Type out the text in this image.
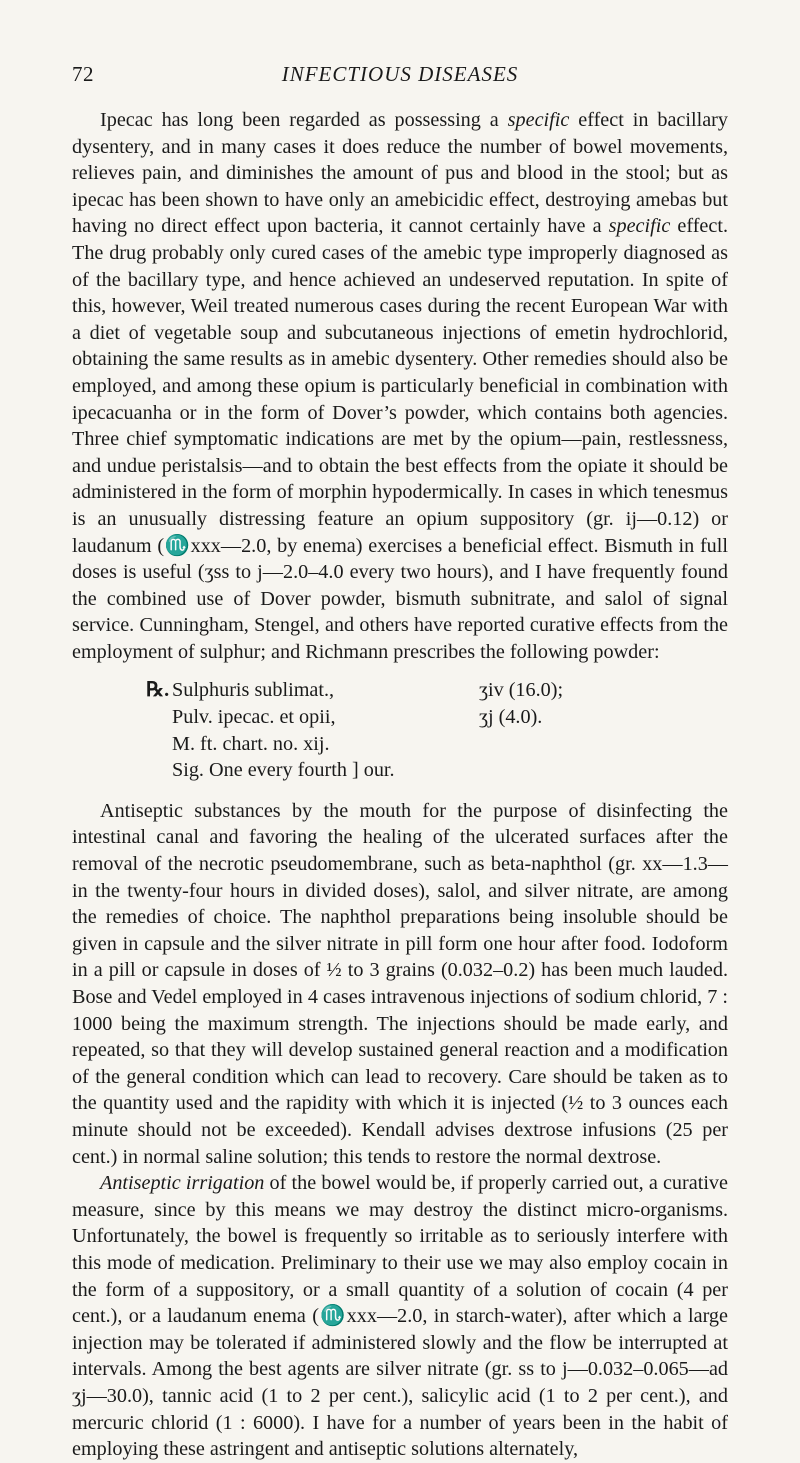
72	INFECTIOUS DISEASES

Ipecac has long been regarded as possessing a specific effect in bacillary dysentery, and in many cases it does reduce the number of bowel movements, relieves pain, and diminishes the amount of pus and blood in the stool; but as ipecac has been shown to have only an amebicidic effect, destroying amebas but having no direct effect upon bacteria, it cannot certainly have a specific effect. The drug probably only cured cases of the amebic type improperly diagnosed as of the bacillary type, and hence achieved an undeserved reputation. In spite of this, however, Weil treated numerous cases during the recent European War with a diet of vegetable soup and subcutaneous injections of emetin hydrochlorid, obtaining the same results as in amebic dysentery. Other remedies should also be employed, and among these opium is particularly beneficial in combination with ipecacuanha or in the form of Dover’s powder, which contains both agencies. Three chief symptomatic indications are met by the opium—pain, restlessness, and undue peristalsis—and to obtain the best effects from the opiate it should be administered in the form of morphin hypodermically. In cases in which tenesmus is an unusually distressing feature an opium suppository (gr. ij—0.12) or laudanum (♏xxx—2.0, by enema) exercises a beneficial effect. Bismuth in full doses is useful (ʒss to j—2.0–4.0 every two hours), and I have frequently found the combined use of Dover powder, bismuth subnitrate, and salol of signal service. Cunningham, Stengel, and others have reported curative effects from the employment of sulphur; and Richmann prescribes the following powder:

℞. Sulphuris sublimat.,	ʒiv (16.0);
Pulv. ipecac. et opii,	ʒj (4.0).
M. ft. chart. no. xij.
Sig. One every fourth ] our.

Antiseptic substances by the mouth for the purpose of disinfecting the intestinal canal and favoring the healing of the ulcerated surfaces after the removal of the necrotic pseudomembrane, such as beta-naphthol (gr. xx—1.3—in the twenty-four hours in divided doses), salol, and silver nitrate, are among the remedies of choice. The naphthol preparations being insoluble should be given in capsule and the silver nitrate in pill form one hour after food. Iodoform in a pill or capsule in doses of ½ to 3 grains (0.032–0.2) has been much lauded. Bose and Vedel employed in 4 cases intravenous injections of sodium chlorid, 7 : 1000 being the maximum strength. The injections should be made early, and repeated, so that they will develop sustained general reaction and a modification of the general condition which can lead to recovery. Care should be taken as to the quantity used and the rapidity with which it is injected (½ to 3 ounces each minute should not be exceeded). Kendall advises dextrose infusions (25 per cent.) in normal saline solution; this tends to restore the normal dextrose.

Antiseptic irrigation of the bowel would be, if properly carried out, a curative measure, since by this means we may destroy the distinct micro-organisms. Unfortunately, the bowel is frequently so irritable as to seriously interfere with this mode of medication. Preliminary to their use we may also employ cocain in the form of a suppository, or a small quantity of a solution of cocain (4 per cent.), or a laudanum enema (♏xxx—2.0, in starch-water), after which a large injection may be tolerated if administered slowly and the flow be interrupted at intervals. Among the best agents are silver nitrate (gr. ss to j—0.032–0.065—ad ʒj—30.0), tannic acid (1 to 2 per cent.), salicylic acid (1 to 2 per cent.), and mercuric chlorid (1 : 6000). I have for a number of years been in the habit of employing these astringent and antiseptic solutions alternately,
